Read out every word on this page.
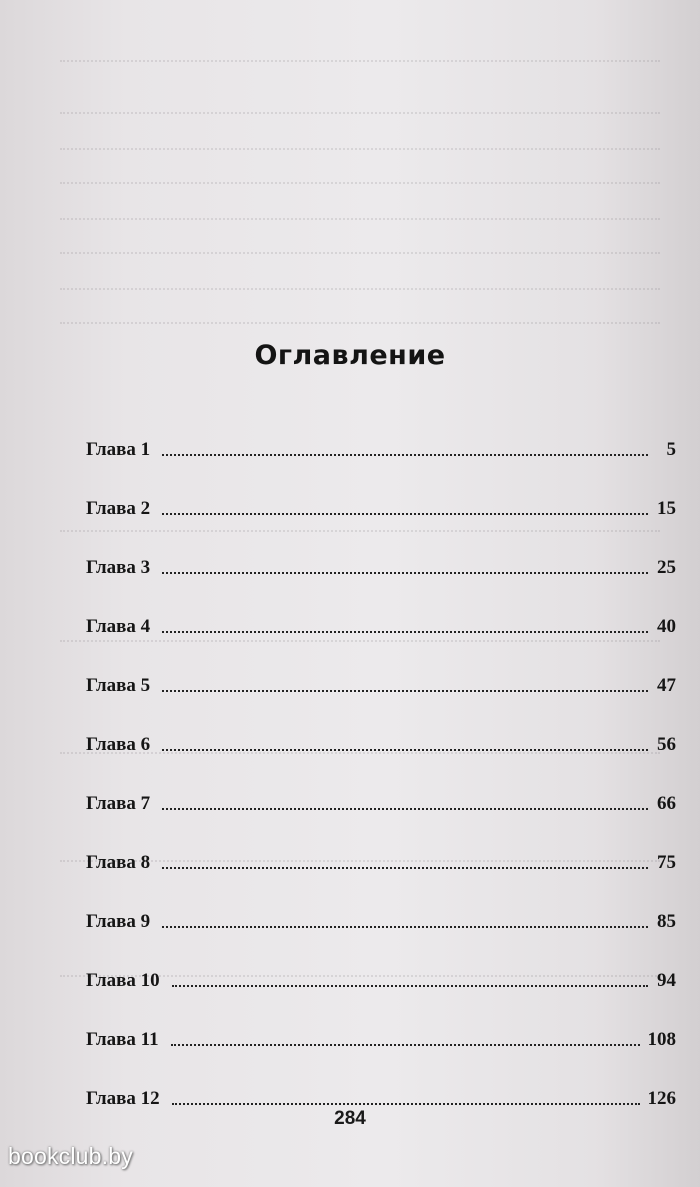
Оглавление
Глава 1	5
Глава 2	15
Глава 3	25
Глава 4	40
Глава 5	47
Глава 6	56
Глава 7	66
Глава 8	75
Глава 9	85
Глава 10	94
Глава 11	108
Глава 12	126
284
bookclub.by
